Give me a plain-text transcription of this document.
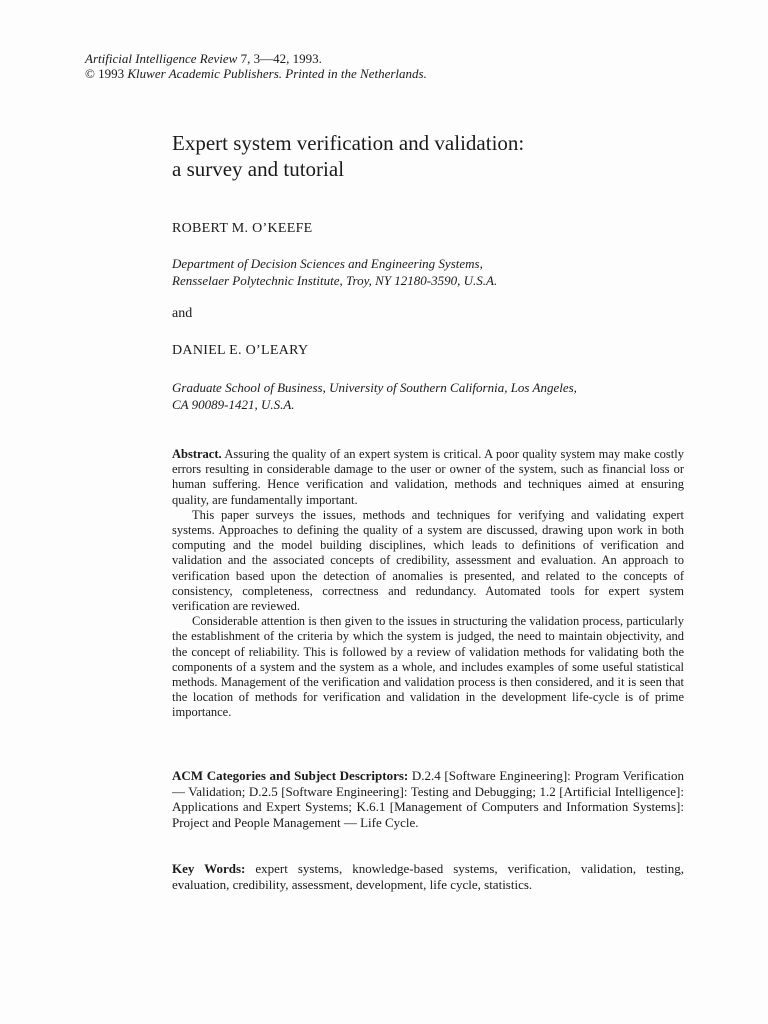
Artificial Intelligence Review 7, 3—42, 1993.
© 1993 Kluwer Academic Publishers. Printed in the Netherlands.
Expert system verification and validation:
a survey and tutorial
ROBERT M. O’KEEFE
Department of Decision Sciences and Engineering Systems,
Rensselaer Polytechnic Institute, Troy, NY 12180-3590, U.S.A.
and
DANIEL E. O’LEARY
Graduate School of Business, University of Southern California, Los Angeles,
CA 90089-1421, U.S.A.

Abstract. Assuring the quality of an expert system is critical. A poor quality system may make costly errors resulting in considerable damage to the user or owner of the system, such as financial loss or human suffering. Hence verification and validation, methods and techniques aimed at ensuring quality, are fundamentally important.

This paper surveys the issues, methods and techniques for verifying and validating expert systems. Approaches to defining the quality of a system are discussed, drawing upon work in both computing and the model building disciplines, which leads to definitions of verification and validation and the associated concepts of credibility, assessment and evaluation. An approach to verification based upon the detection of anomalies is presented, and related to the concepts of consistency, completeness, correctness and redundancy. Automated tools for expert system verification are reviewed.

Considerable attention is then given to the issues in structuring the validation process, particularly the establishment of the criteria by which the system is judged, the need to maintain objectivity, and the concept of reliability. This is followed by a review of validation methods for validating both the components of a system and the system as a whole, and includes examples of some useful statistical methods. Management of the verification and validation process is then considered, and it is seen that the location of methods for verification and validation in the development life-cycle is of prime importance.

ACM Categories and Subject Descriptors: D.2.4 [Software Engineering]: Program Verification — Validation; D.2.5 [Software Engineering]: Testing and Debugging; 1.2 [Artificial Intelligence]: Applications and Expert Systems; K.6.1 [Management of Computers and Information Systems]: Project and People Management — Life Cycle.

Key Words: expert systems, knowledge-based systems, verification, validation, testing, evaluation, credibility, assessment, development, life cycle, statistics.
